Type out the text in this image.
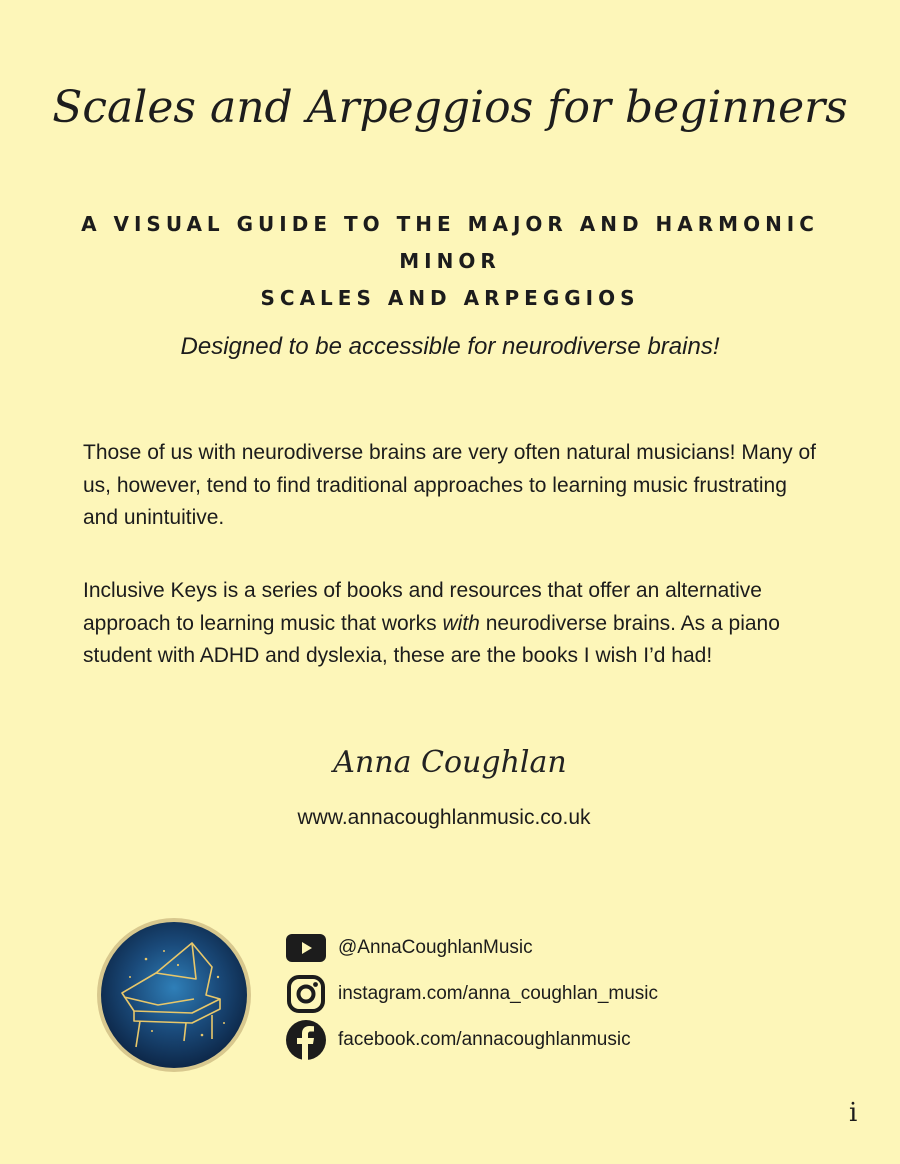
Scales and Arpeggios for beginners
A VISUAL GUIDE TO THE MAJOR AND HARMONIC MINOR
SCALES AND ARPEGGIOS
Designed to be accessible for neurodiverse brains!

Those of us with neurodiverse brains are very often natural musicians! Many of us, however, tend to find traditional approaches to learning music frustrating and unintuitive.

Inclusive Keys is a series of books and resources that offer an alternative approach to learning music that works with neurodiverse brains. As a piano student with ADHD and dyslexia, these are the books I wish I’d had!

Anna Coughlan
www.annacoughlanmusic.co.uk
@AnnaCoughlanMusic
instagram.com/anna_coughlan_music
facebook.com/annacoughlanmusic
i
